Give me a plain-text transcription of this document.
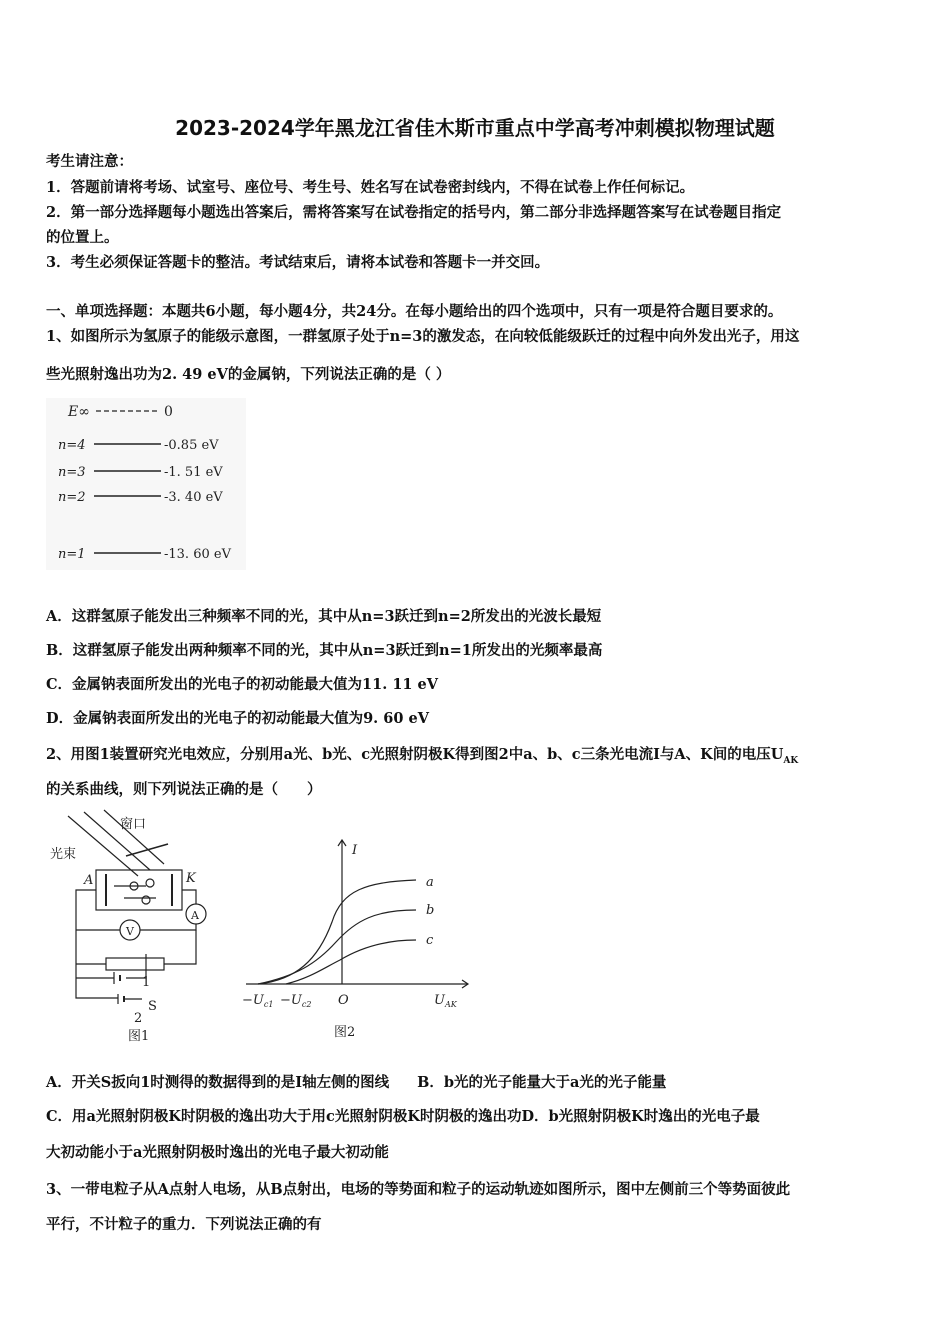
2023-2024学年黑龙江省佳木斯市重点中学高考冲刺模拟物理试题
考生请注意：
1．答题前请将考场、试室号、座位号、考生号、姓名写在试卷密封线内，不得在试卷上作任何标记。
2．第一部分选择题每小题选出答案后，需将答案写在试卷指定的括号内，第二部分非选择题答案写在试卷题目指定
的位置上。
3．考生必须保证答题卡的整洁。考试结束后，请将本试卷和答题卡一并交回。
一、单项选择题：本题共6小题，每小题4分，共24分。在每小题给出的四个选项中，只有一项是符合题目要求的。
1、如图所示为氢原子的能级示意图，一群氢原子处于n=3的激发态，在向较低能级跃迁的过程中向外发出光子，用这
些光照射逸出功为2. 49 eV的金属钠，下列说法正确的是（ ）
E∞	0
n=4	-0.85 eV
n=3	-1. 51 eV
n=2	-3. 40 eV
n=1	-13. 60 eV
A．这群氢原子能发出三种频率不同的光，其中从n=3跃迁到n=2所发出的光波长最短
B．这群氢原子能发出两种频率不同的光，其中从n=3跃迁到n=1所发出的光频率最高
C．金属钠表面所发出的光电子的初动能最大值为11. 11 eV
D．金属钠表面所发出的光电子的初动能最大值为9. 60 eV
2、用图1装置研究光电效应，分别用a光、b光、c光照射阴极K得到图2中a、b、c三条光电流I与A、K间的电压$U_{AK}$
的关系曲线，则下列说法正确的是（　　）
窗口
光束
A	K
A
V
1
S
2
图1
I
a
b
c
$-U_{c1} -U_{c2}$ O	$U_{AK}$
图2
A．开关S扳向1时测得的数据得到的是I轴左侧的图线 B．b光的光子能量大于a光的光子能量
C．用a光照射阴极K时阴极的逸出功大于用c光照射阴极K时阴极的逸出功D．b光照射阴极K时逸出的光电子最
大初动能小于a光照射阴极时逸出的光电子最大初动能
3、一带电粒子从A点射人电场，从B点射出，电场的等势面和粒子的运动轨迹如图所示，图中左侧前三个等势面彼此
平行，不计粒子的重力．下列说法正确的有
